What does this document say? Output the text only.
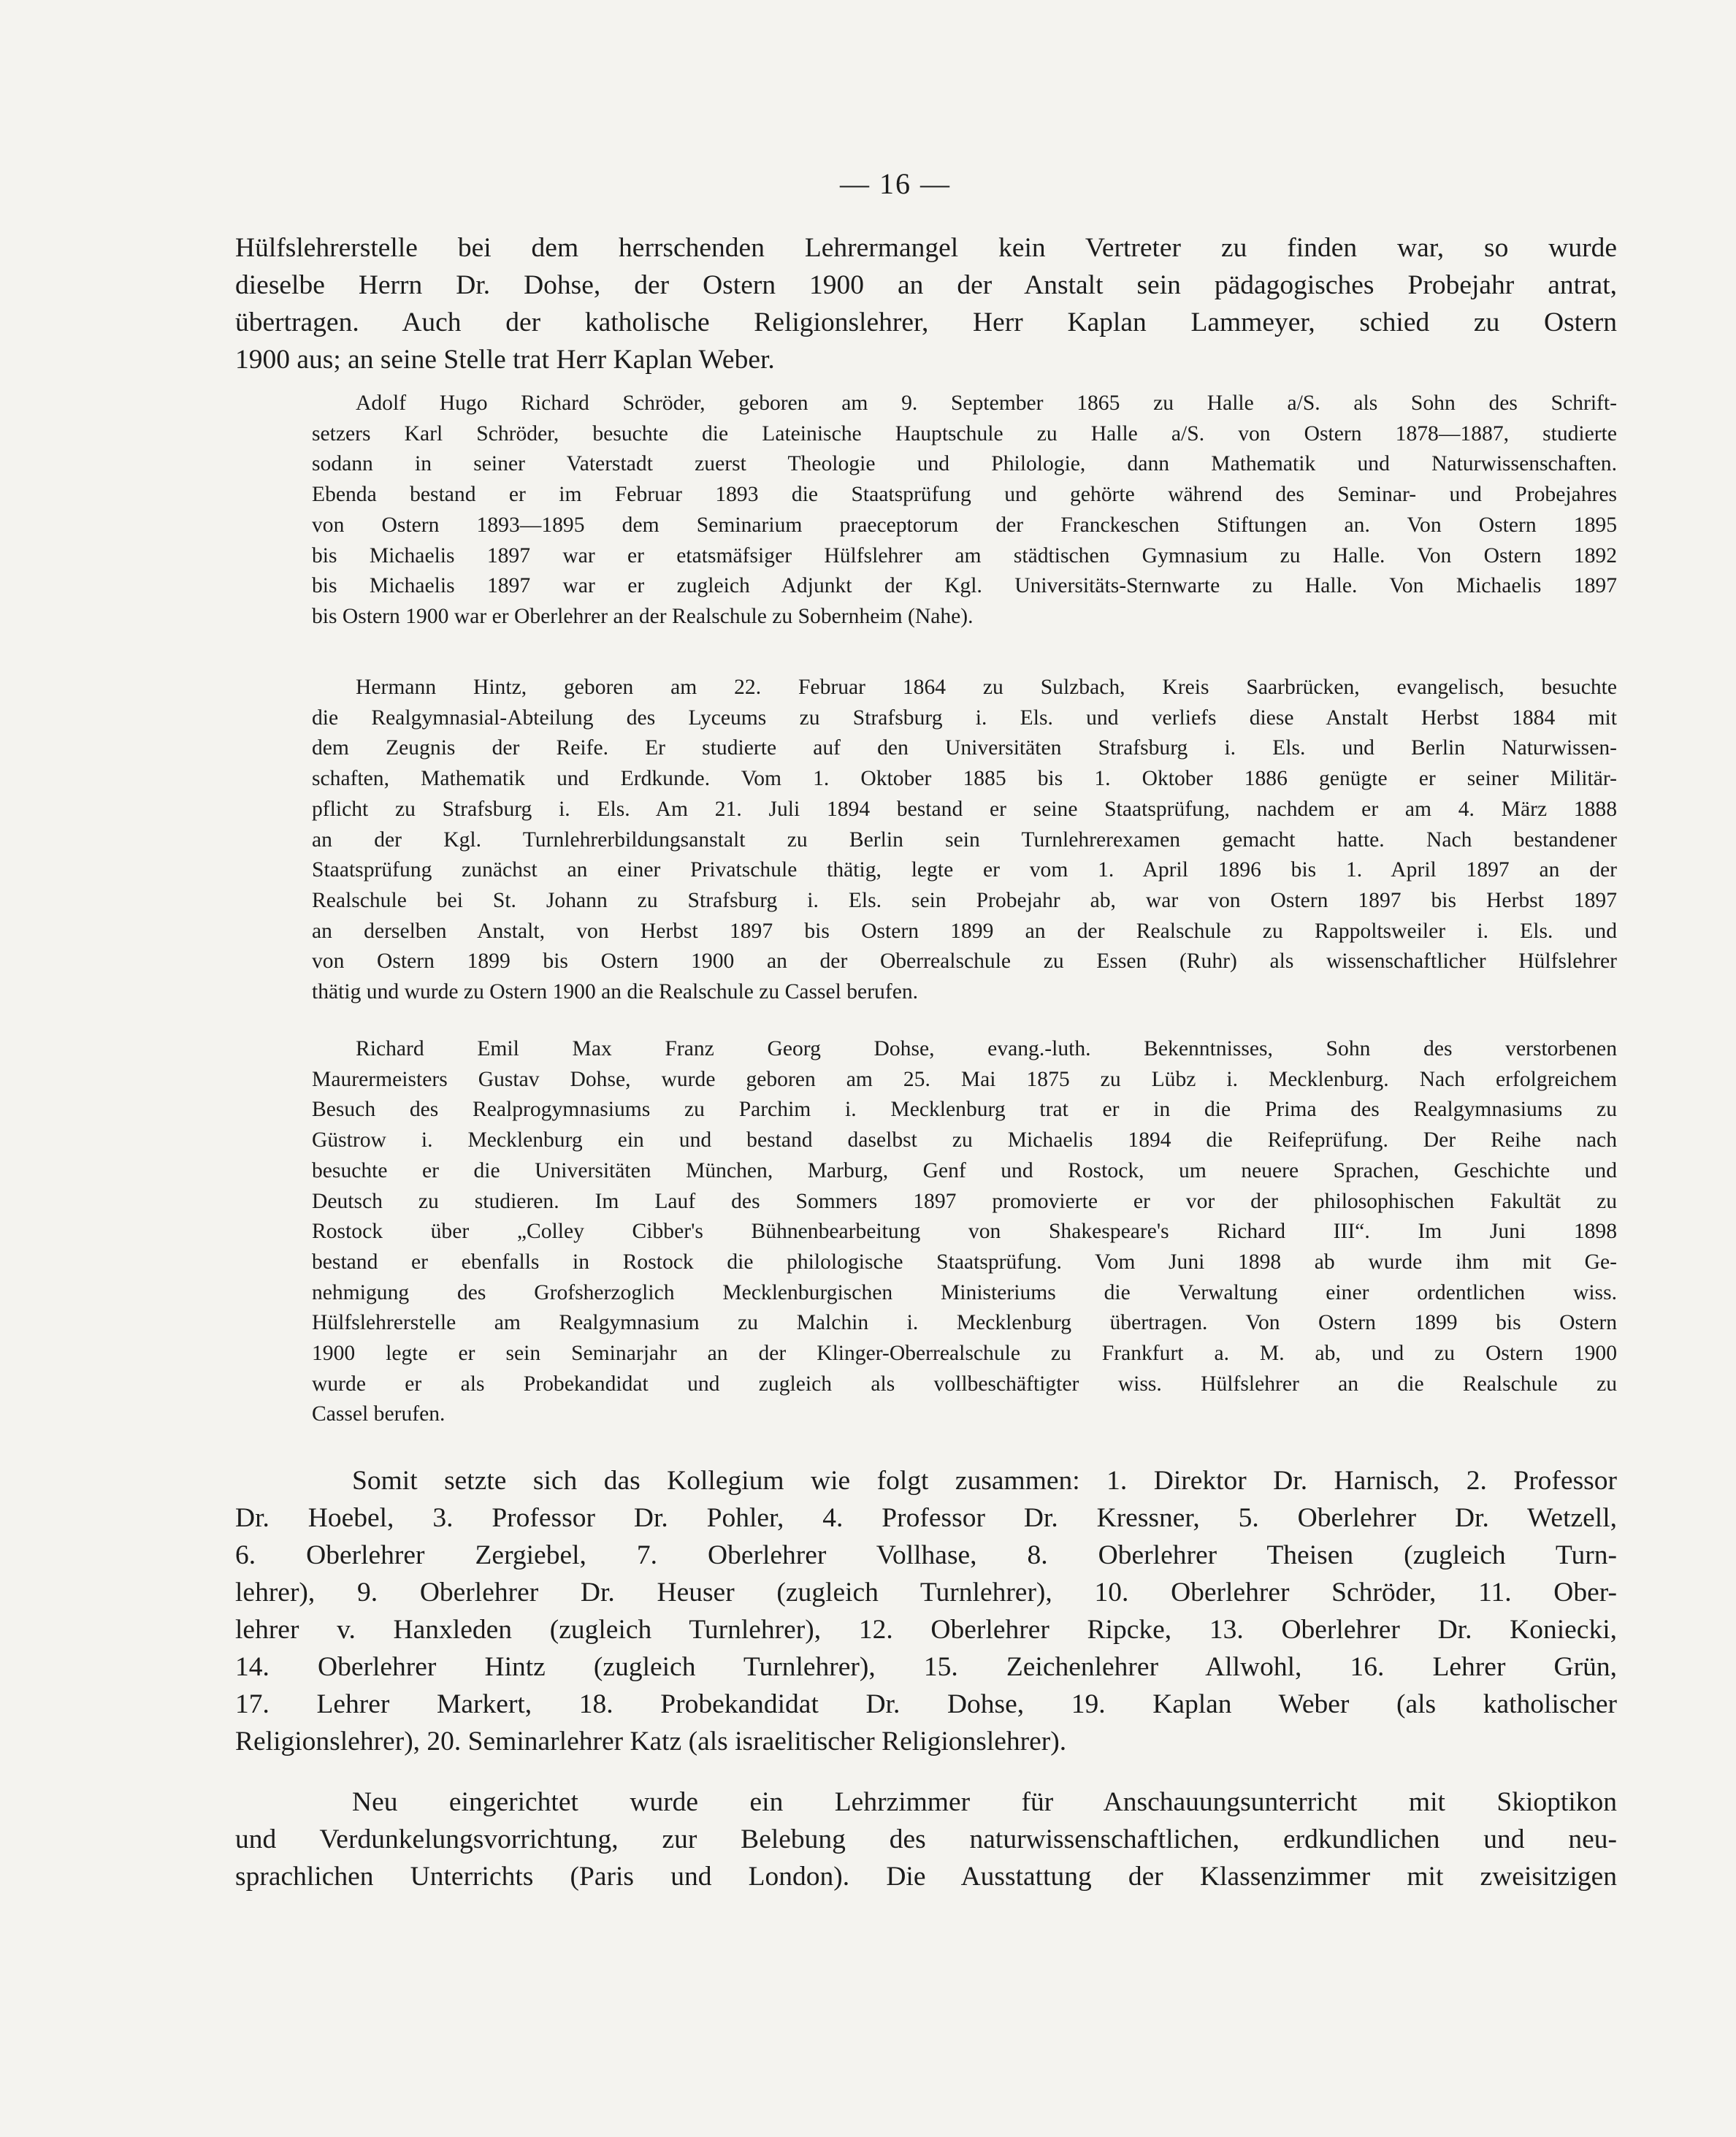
— 16 —
Hülfslehrerstelle bei dem herrschenden Lehrermangel kein Vertreter zu finden war, so wurde
dieselbe Herrn Dr. Dohse, der Ostern 1900 an der Anstalt sein pädagogisches Probejahr antrat,
übertragen. Auch der katholische Religionslehrer, Herr Kaplan Lammeyer, schied zu Ostern
1900 aus; an seine Stelle trat Herr Kaplan Weber.
Adolf Hugo Richard Schröder, geboren am 9. September 1865 zu Halle a/S. als Sohn des Schrift-
setzers Karl Schröder, besuchte die Lateinische Hauptschule zu Halle a/S. von Ostern 1878—1887, studierte
sodann in seiner Vaterstadt zuerst Theologie und Philologie, dann Mathematik und Naturwissenschaften.
Ebenda bestand er im Februar 1893 die Staatsprüfung und gehörte während des Seminar- und Probejahres
von Ostern 1893—1895 dem Seminarium praeceptorum der Franckeschen Stiftungen an. Von Ostern 1895
bis Michaelis 1897 war er etatsmäfsiger Hülfslehrer am städtischen Gymnasium zu Halle. Von Ostern 1892
bis Michaelis 1897 war er zugleich Adjunkt der Kgl. Universitäts-Sternwarte zu Halle. Von Michaelis 1897
bis Ostern 1900 war er Oberlehrer an der Realschule zu Sobernheim (Nahe).
Hermann Hintz, geboren am 22. Februar 1864 zu Sulzbach, Kreis Saarbrücken, evangelisch, besuchte
die Realgymnasial-Abteilung des Lyceums zu Strafsburg i. Els. und verliefs diese Anstalt Herbst 1884 mit
dem Zeugnis der Reife. Er studierte auf den Universitäten Strafsburg i. Els. und Berlin Naturwissen-
schaften, Mathematik und Erdkunde. Vom 1. Oktober 1885 bis 1. Oktober 1886 genügte er seiner Militär-
pflicht zu Strafsburg i. Els. Am 21. Juli 1894 bestand er seine Staatsprüfung, nachdem er am 4. März 1888
an der Kgl. Turnlehrerbildungsanstalt zu Berlin sein Turnlehrerexamen gemacht hatte. Nach bestandener
Staatsprüfung zunächst an einer Privatschule thätig, legte er vom 1. April 1896 bis 1. April 1897 an der
Realschule bei St. Johann zu Strafsburg i. Els. sein Probejahr ab, war von Ostern 1897 bis Herbst 1897
an derselben Anstalt, von Herbst 1897 bis Ostern 1899 an der Realschule zu Rappoltsweiler i. Els. und
von Ostern 1899 bis Ostern 1900 an der Oberrealschule zu Essen (Ruhr) als wissenschaftlicher Hülfslehrer
thätig und wurde zu Ostern 1900 an die Realschule zu Cassel berufen.
Richard Emil Max Franz Georg Dohse, evang.-luth. Bekenntnisses, Sohn des verstorbenen
Maurermeisters Gustav Dohse, wurde geboren am 25. Mai 1875 zu Lübz i. Mecklenburg. Nach erfolgreichem
Besuch des Realprogymnasiums zu Parchim i. Mecklenburg trat er in die Prima des Realgymnasiums zu
Güstrow i. Mecklenburg ein und bestand daselbst zu Michaelis 1894 die Reifeprüfung. Der Reihe nach
besuchte er die Universitäten München, Marburg, Genf und Rostock, um neuere Sprachen, Geschichte und
Deutsch zu studieren. Im Lauf des Sommers 1897 promovierte er vor der philosophischen Fakultät zu
Rostock über „Colley Cibber's Bühnenbearbeitung von Shakespeare's Richard III“. Im Juni 1898
bestand er ebenfalls in Rostock die philologische Staatsprüfung. Vom Juni 1898 ab wurde ihm mit Ge-
nehmigung des Grofsherzoglich Mecklenburgischen Ministeriums die Verwaltung einer ordentlichen wiss.
Hülfslehrerstelle am Realgymnasium zu Malchin i. Mecklenburg übertragen. Von Ostern 1899 bis Ostern
1900 legte er sein Seminarjahr an der Klinger-Oberrealschule zu Frankfurt a. M. ab, und zu Ostern 1900
wurde er als Probekandidat und zugleich als vollbeschäftigter wiss. Hülfslehrer an die Realschule zu
Cassel berufen.
Somit setzte sich das Kollegium wie folgt zusammen: 1. Direktor Dr. Harnisch, 2. Professor
Dr. Hoebel, 3. Professor Dr. Pohler, 4. Professor Dr. Kressner, 5. Oberlehrer Dr. Wetzell,
6. Oberlehrer Zergiebel, 7. Oberlehrer Vollhase, 8. Oberlehrer Theisen (zugleich Turn-
lehrer), 9. Oberlehrer Dr. Heuser (zugleich Turnlehrer), 10. Oberlehrer Schröder, 11. Ober-
lehrer v. Hanxleden (zugleich Turnlehrer), 12. Oberlehrer Ripcke, 13. Oberlehrer Dr. Koniecki,
14. Oberlehrer Hintz (zugleich Turnlehrer), 15. Zeichenlehrer Allwohl, 16. Lehrer Grün,
17. Lehrer Markert, 18. Probekandidat Dr. Dohse, 19. Kaplan Weber (als katholischer
Religionslehrer), 20. Seminarlehrer Katz (als israelitischer Religionslehrer).
Neu eingerichtet wurde ein Lehrzimmer für Anschauungsunterricht mit Skioptikon
und Verdunkelungsvorrichtung, zur Belebung des naturwissenschaftlichen, erdkundlichen und neu-
sprachlichen Unterrichts (Paris und London). Die Ausstattung der Klassenzimmer mit zweisitzigen
